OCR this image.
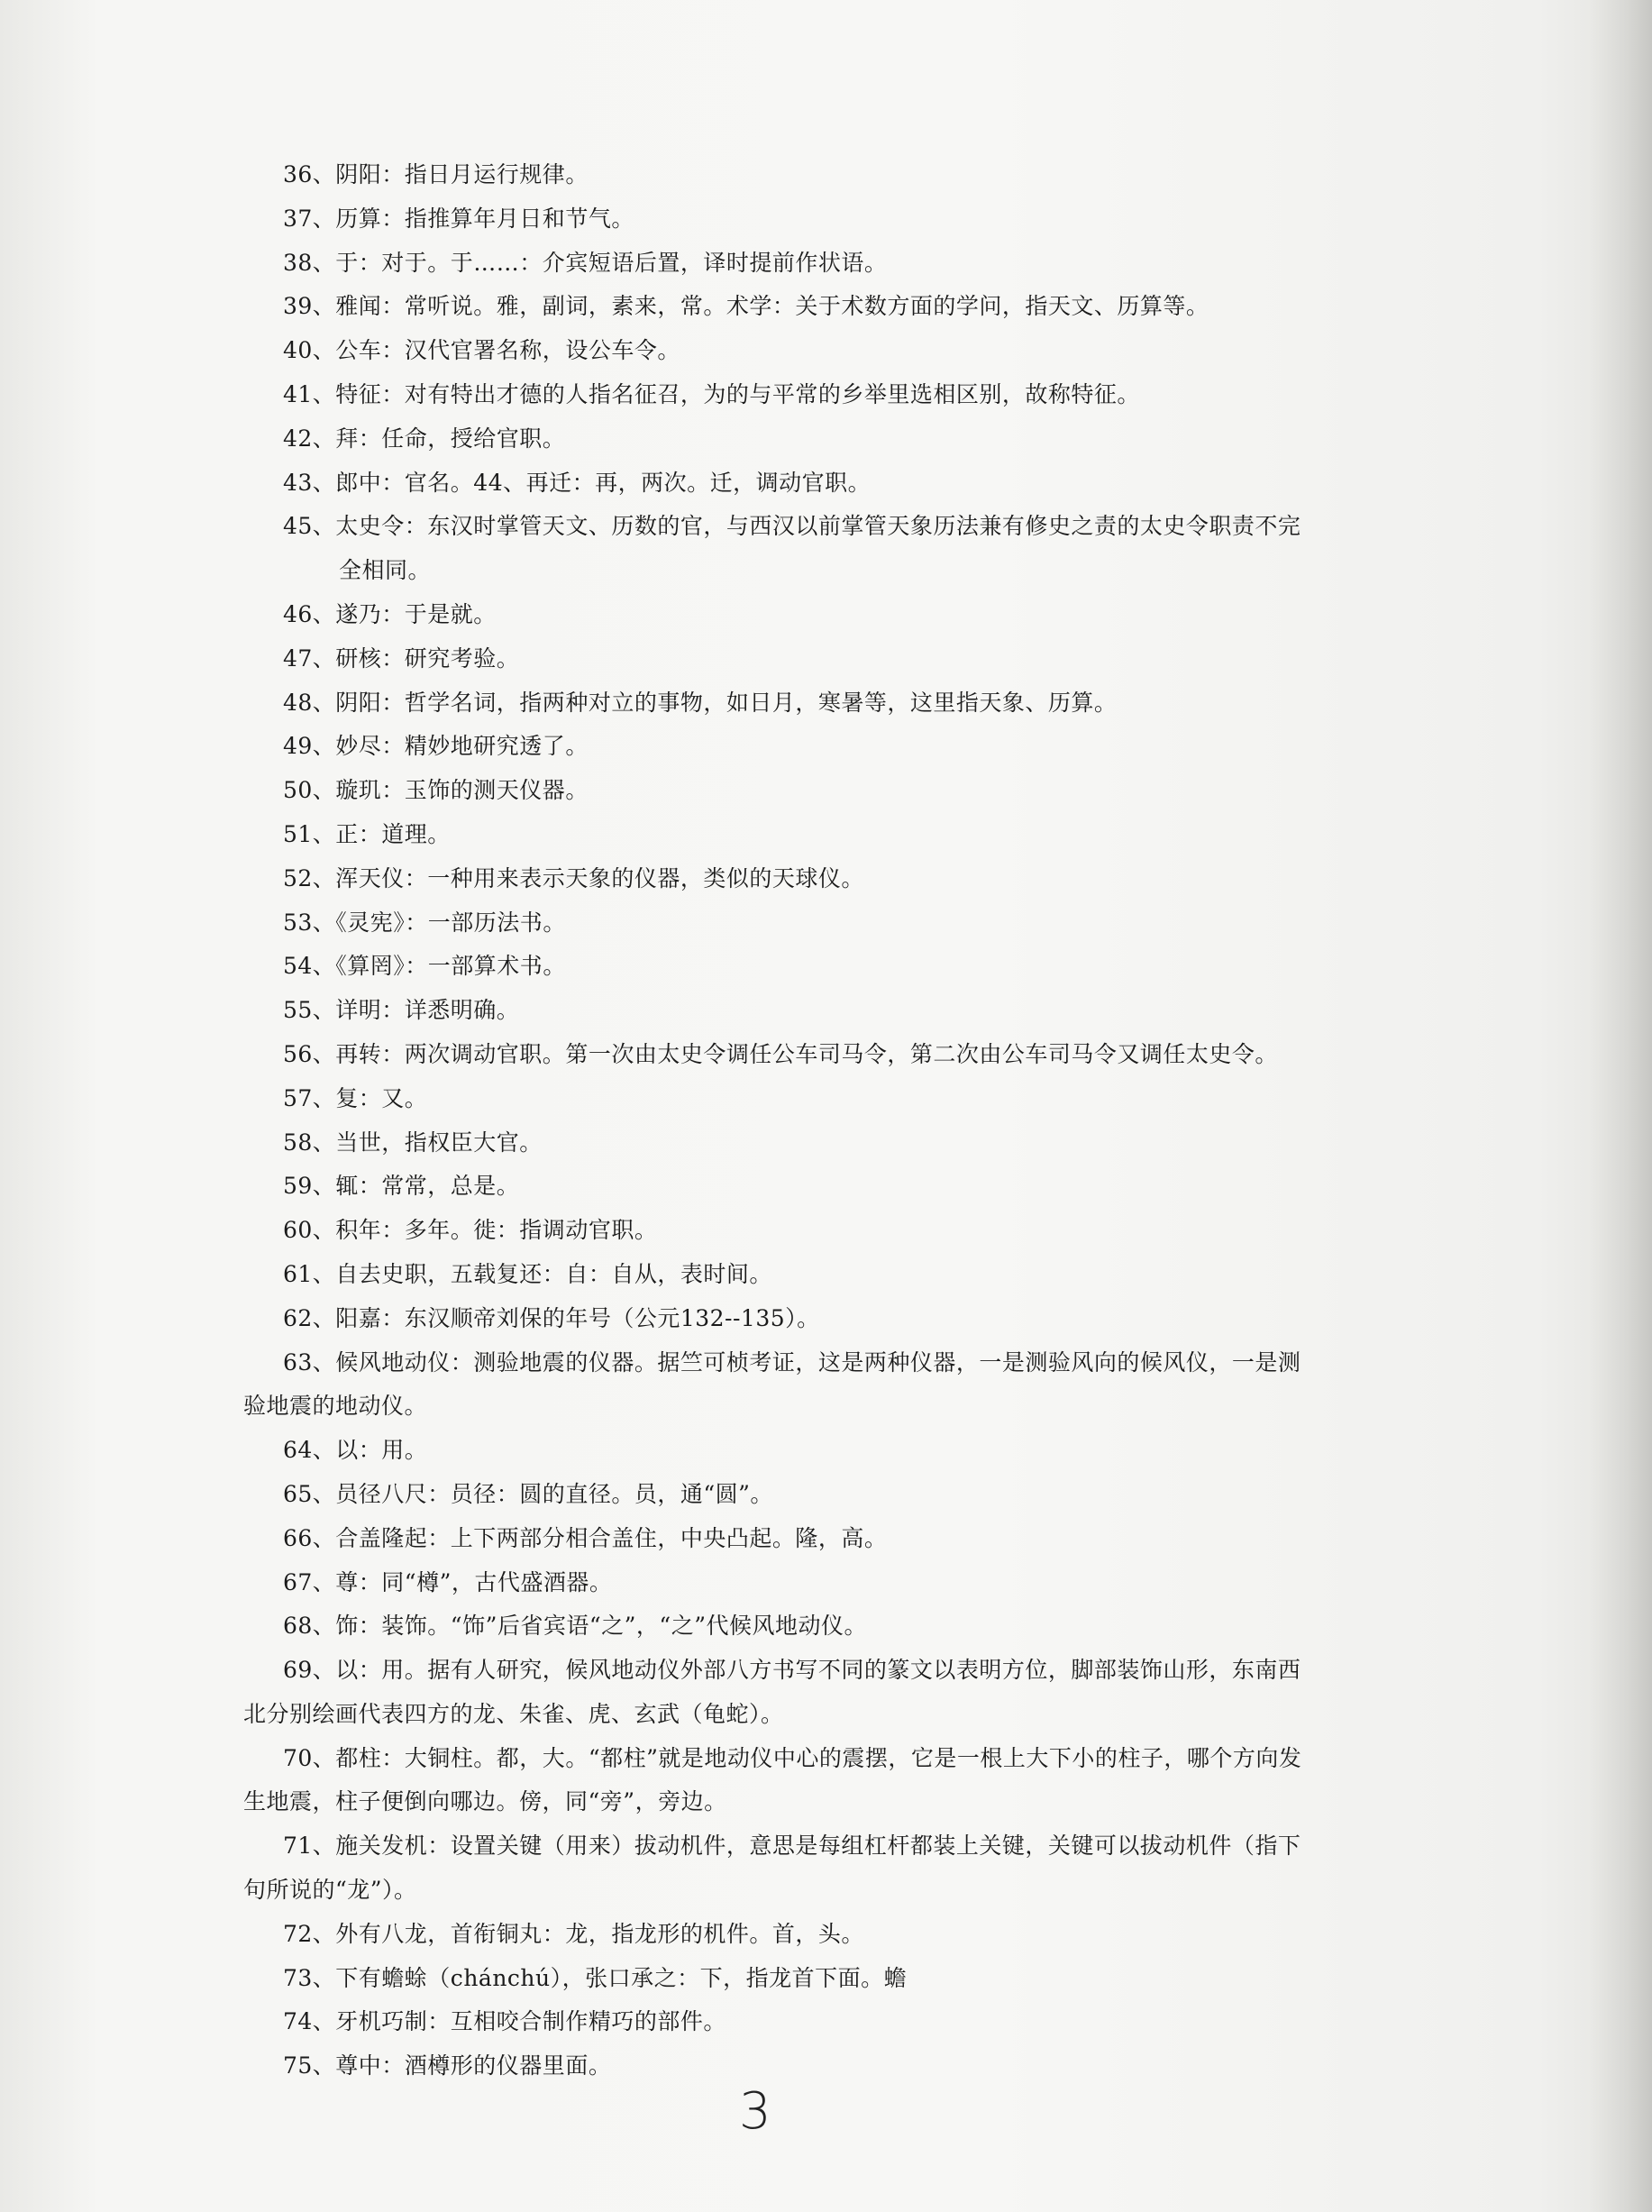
36、阴阳：指日月运行规律。
37、历算：指推算年月日和节气。
38、于：对于。于……：介宾短语后置，译时提前作状语。
39、雅闻：常听说。雅，副词，素来，常。术学：关于术数方面的学问，指天文、历算等。
40、公车：汉代官署名称，设公车令。
41、特征：对有特出才德的人指名征召，为的与平常的乡举里选相区别，故称特征。
42、拜：任命，授给官职。
43、郎中：官名。44、再迁：再，两次。迁，调动官职。
45、太史令：东汉时掌管天文、历数的官，与西汉以前掌管天象历法兼有修史之责的太史令职责不完
全相同。
46、遂乃：于是就。
47、研核：研究考验。
48、阴阳：哲学名词，指两种对立的事物，如日月，寒暑等，这里指天象、历算。
49、妙尽：精妙地研究透了。
50、璇玑：玉饰的测天仪器。
51、正：道理。
52、浑天仪：一种用来表示天象的仪器，类似的天球仪。
53、《灵宪》：一部历法书。
54、《算罔》：一部算术书。
55、详明：详悉明确。
56、再转：两次调动官职。第一次由太史令调任公车司马令，第二次由公车司马令又调任太史令。
57、复：又。
58、当世，指权臣大官。
59、辄：常常，总是。
60、积年：多年。徙：指调动官职。
61、自去史职，五载复还：自：自从，表时间。
62、阳嘉：东汉顺帝刘保的年号（公元132--135）。
63、候风地动仪：测验地震的仪器。据竺可桢考证，这是两种仪器，一是测验风向的候风仪，一是测
验地震的地动仪。
64、以：用。
65、员径八尺：员径：圆的直径。员，通“圆”。
66、合盖隆起：上下两部分相合盖住，中央凸起。隆，高。
67、尊：同“樽”，古代盛酒器。
68、饰：装饰。“饰”后省宾语“之”，“之”代候风地动仪。
69、以：用。据有人研究，候风地动仪外部八方书写不同的篆文以表明方位，脚部装饰山形，东南西
北分别绘画代表四方的龙、朱雀、虎、玄武（龟蛇）。
70、都柱：大铜柱。都，大。“都柱”就是地动仪中心的震摆，它是一根上大下小的柱子，哪个方向发
生地震，柱子便倒向哪边。傍，同“旁”，旁边。
71、施关发机：设置关键（用来）拔动机件，意思是每组杠杆都装上关键，关键可以拔动机件（指下
句所说的“龙”）。
72、外有八龙，首衔铜丸：龙，指龙形的机件。首，头。
73、下有蟾蜍（chánchú），张口承之：下，指龙首下面。蟾
74、牙机巧制：互相咬合制作精巧的部件。
75、尊中：酒樽形的仪器里面。
3
